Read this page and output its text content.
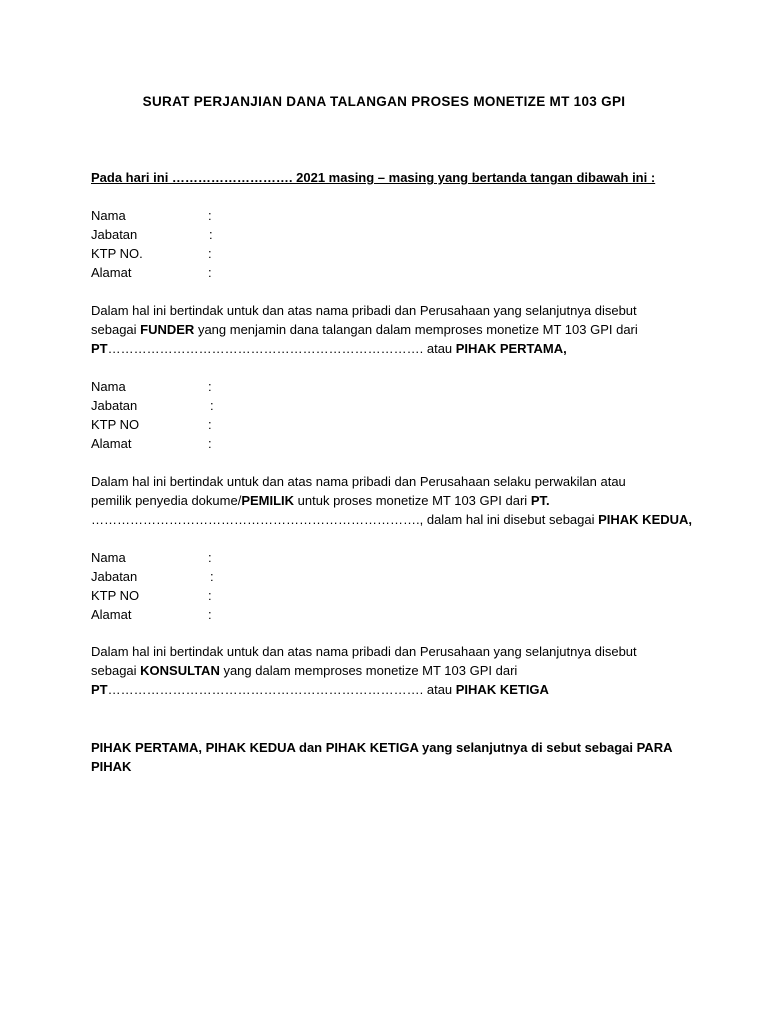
SURAT PERJANJIAN DANA TALANGAN PROSES MONETIZE MT 103 GPI
Pada hari ini ………………………. 2021 masing – masing yang bertanda tangan dibawah ini :
Nama	:
Jabatan	:
KTP NO.	:
Alamat	:
Dalam hal ini bertindak untuk dan atas nama pribadi dan Perusahaan yang selanjutnya disebut
sebagai FUNDER yang menjamin dana talangan dalam memproses monetize MT 103 GPI dari
PT………………………………………………………………. atau PIHAK PERTAMA,
Nama	:
Jabatan	:
KTP NO	:
Alamat	:
Dalam hal ini bertindak untuk dan atas nama pribadi dan Perusahaan selaku perwakilan atau
pemilik penyedia dokume/PEMILIK untuk proses monetize MT 103 GPI dari PT.
…………………………………………………………………., dalam hal ini disebut sebagai PIHAK KEDUA,
Nama	:
Jabatan	:
KTP NO	:
Alamat	:
Dalam hal ini bertindak untuk dan atas nama pribadi dan Perusahaan yang selanjutnya disebut
sebagai KONSULTAN yang dalam memproses monetize MT 103 GPI dari
PT………………………………………………………………. atau PIHAK KETIGA
PIHAK PERTAMA, PIHAK KEDUA dan PIHAK KETIGA yang selanjutnya di sebut sebagai PARA
PIHAK
